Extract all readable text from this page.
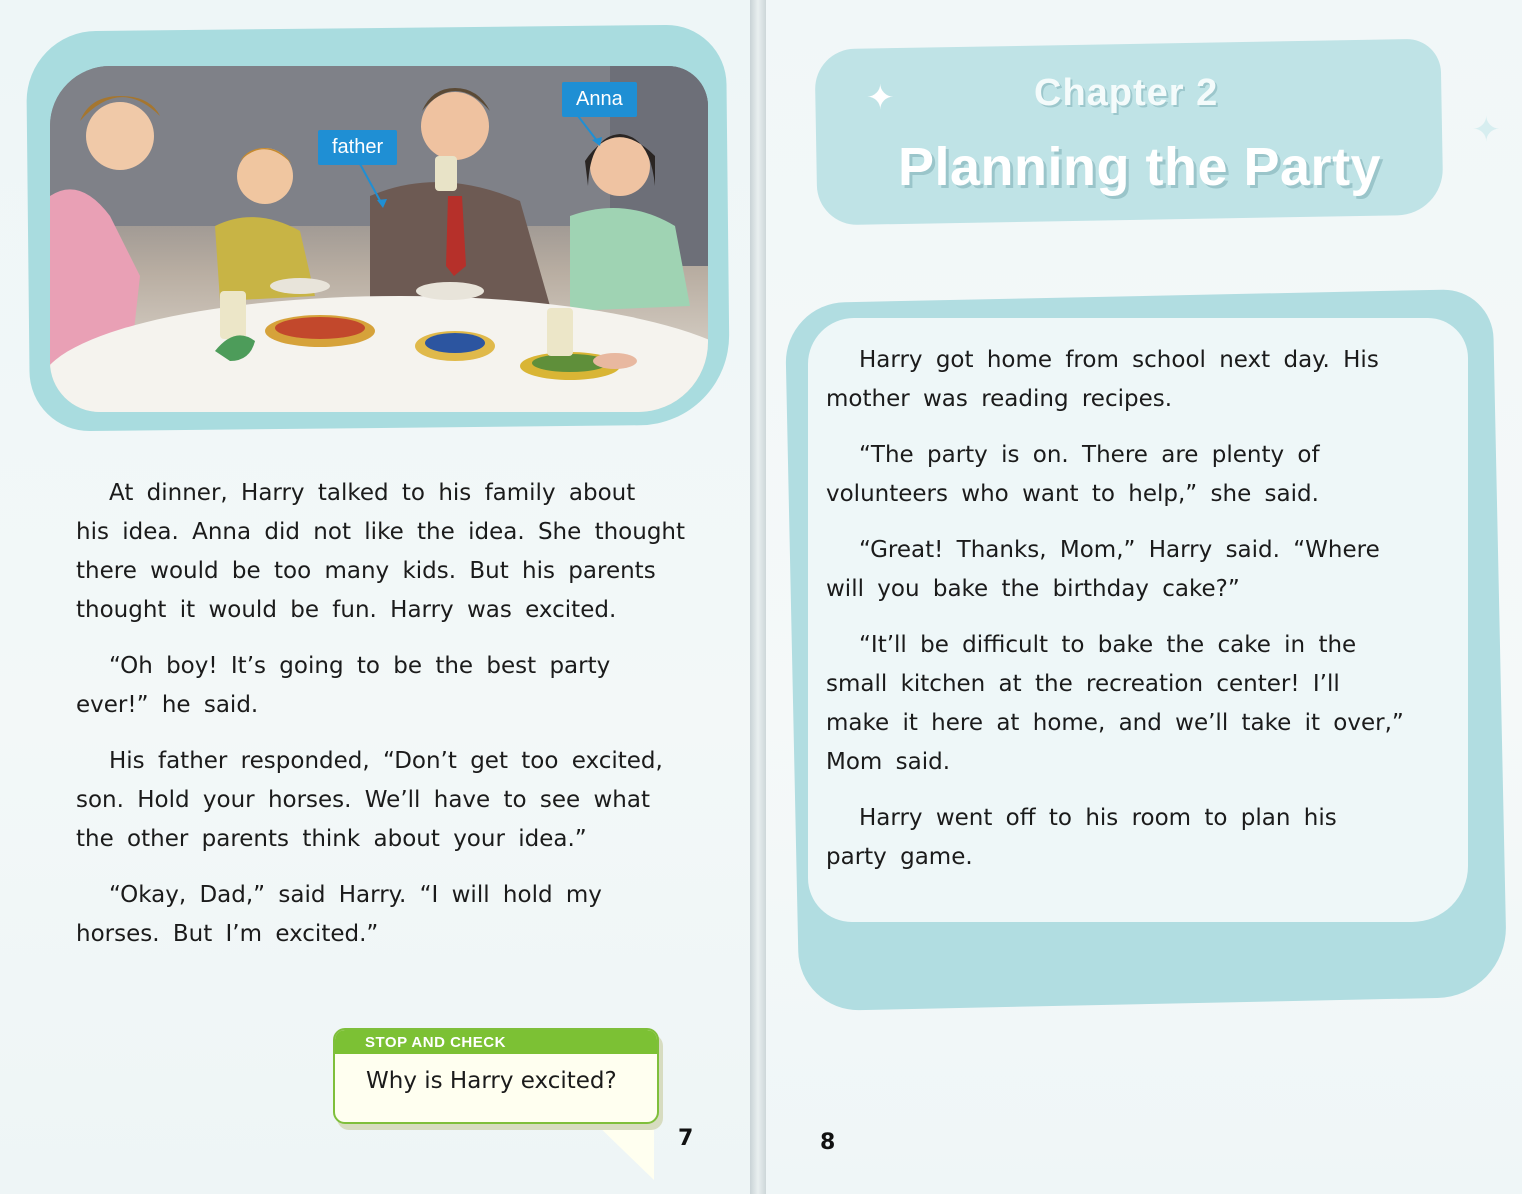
father
Anna

At dinner, Harry talked to his family about
his idea. Anna did not like the idea. She thought
there would be too many kids. But his parents
thought it would be fun. Harry was excited.

“Oh boy! It’s going to be the best party
ever!” he said.

His father responded, “Don’t get too excited,
son. Hold your horses. We’ll have to see what
the other parents think about your idea.”

“Okay, Dad,” said Harry. “I will hold my
horses. But I’m excited.”

STOP AND CHECK
Why is Harry excited?
7
✦
✦
Chapter 2
Planning the Party

Harry got home from school next day. His
mother was reading recipes.

“The party is on. There are plenty of
volunteers who want to help,” she said.

“Great! Thanks, Mom,” Harry said. “Where
will you bake the birthday cake?”

“It’ll be difficult to bake the cake in the
small kitchen at the recreation center! I’ll
make it here at home, and we’ll take it over,”
Mom said.

Harry went off to his room to plan his
party game.

8
